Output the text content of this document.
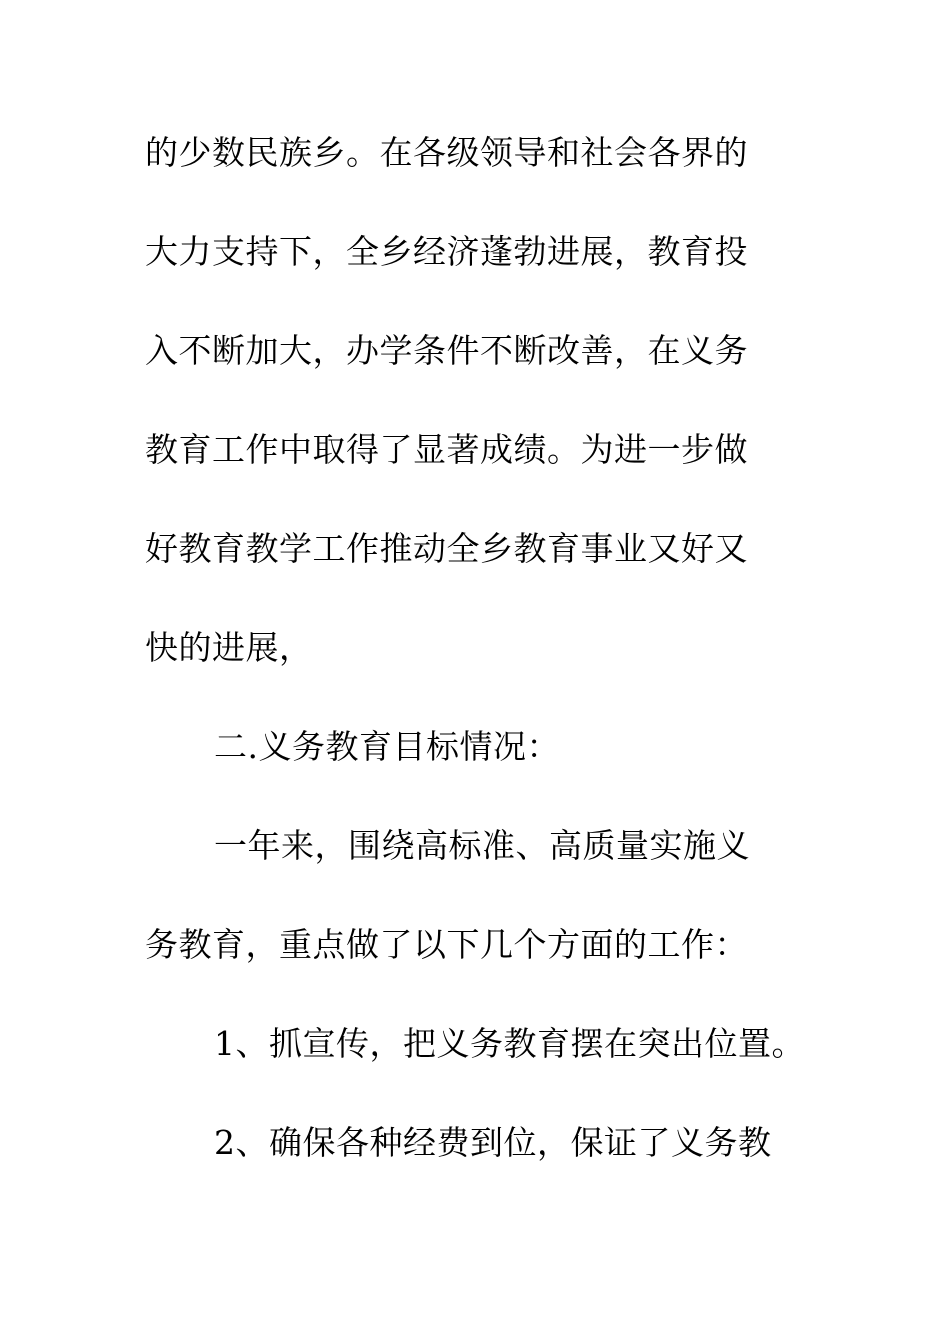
的少数民族乡。在各级领导和社会各界的
大力支持下，全乡经济蓬勃进展，教育投
入不断加大，办学条件不断改善，在义务
教育工作中取得了显著成绩。为进一步做
好教育教学工作推动全乡教育事业又好又
快的进展，
二.义务教育目标情况：
一年来，围绕高标准、高质量实施义
务教育，重点做了以下几个方面的工作：
1、抓宣传，把义务教育摆在突出位置。
2、确保各种经费到位，保证了义务教
